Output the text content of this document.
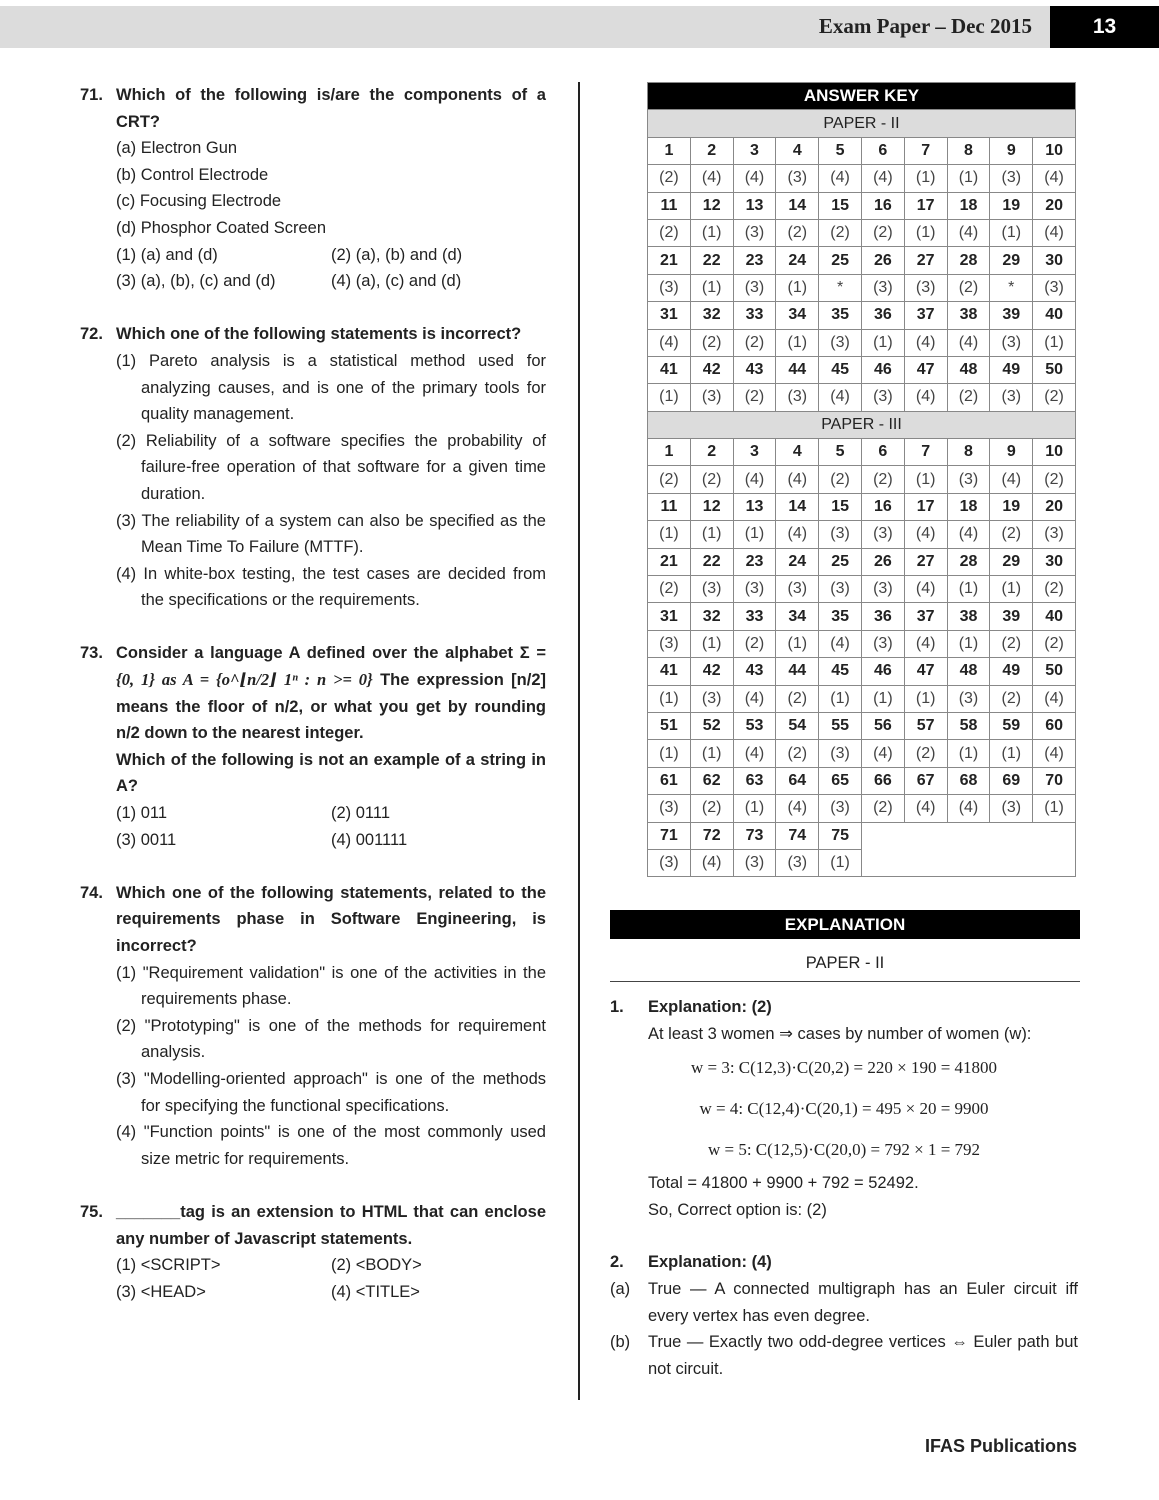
Exam Paper – Dec 2015	13
71. Which of the following is/are the components of a CRT?
(a) Electron Gun
(b) Control Electrode
(c) Focusing Electrode
(d) Phosphor Coated Screen
(1) (a) and (d)	(2) (a), (b) and (d)
(3) (a), (b), (c) and (d)	(4) (a), (c) and (d)
72. Which one of the following statements is incorrect?
(1) Pareto analysis is a statistical method used for analyzing causes, and is one of the primary tools for quality management.
(2) Reliability of a software specifies the probability of failure-free operation of that software for a given time duration.
(3) The reliability of a system can also be specified as the Mean Time To Failure (MTTF).
(4) In white-box testing, the test cases are decided from the specifications or the requirements.
73. Consider a language A defined over the alphabet Σ = {0, 1} as A = {o^⌊n/2⌋ 1ⁿ : n >= 0} The expression [n/2] means the floor of n/2, or what you get by rounding n/2 down to the nearest integer.
Which of the following is not an example of a string in A?
(1) 011	(2) 0111
(3) 0011	(4) 001111
74. Which one of the following statements, related to the requirements phase in Software Engineering, is incorrect?
(1) "Requirement validation" is one of the activities in the requirements phase.
(2) "Prototyping" is one of the methods for requirement analysis.
(3) "Modelling-oriented approach" is one of the methods for specifying the functional specifications.
(4) "Function points" is one of the most commonly used size metric for requirements.
75. _______tag is an extension to HTML that can enclose any number of Javascript statements.
(1) <SCRIPT>	(2) <BODY>
(3) <HEAD>	(4) <TITLE>
ANSWER KEY									
PAPER - II									
1	2	3	4	5	6	7	8	9	10
(2)	(4)	(4)	(3)	(4)	(4)	(1)	(1)	(3)	(4)
11	12	13	14	15	16	17	18	19	20
(2)	(1)	(3)	(2)	(2)	(2)	(1)	(4)	(1)	(4)
21	22	23	24	25	26	27	28	29	30
(3)	(1)	(3)	(1)	*	(3)	(3)	(2)	*	(3)
31	32	33	34	35	36	37	38	39	40
(4)	(2)	(2)	(1)	(3)	(1)	(4)	(4)	(3)	(1)
41	42	43	44	45	46	47	48	49	50
(1)	(3)	(2)	(3)	(4)	(3)	(4)	(2)	(3)	(2)
PAPER - III									
1	2	3	4	5	6	7	8	9	10
(2)	(2)	(4)	(4)	(2)	(2)	(1)	(3)	(4)	(2)
11	12	13	14	15	16	17	18	19	20
(1)	(1)	(1)	(4)	(3)	(3)	(4)	(4)	(2)	(3)
21	22	23	24	25	26	27	28	29	30
(2)	(3)	(3)	(3)	(3)	(3)	(4)	(1)	(1)	(2)
31	32	33	34	35	36	37	38	39	40
(3)	(1)	(2)	(1)	(4)	(3)	(4)	(1)	(2)	(2)
41	42	43	44	45	46	47	48	49	50
(1)	(3)	(4)	(2)	(1)	(1)	(1)	(3)	(2)	(4)
51	52	53	54	55	56	57	58	59	60
(1)	(1)	(4)	(2)	(3)	(4)	(2)	(1)	(1)	(4)
61	62	63	64	65	66	67	68	69	70
(3)	(2)	(1)	(4)	(3)	(2)	(4)	(4)	(3)	(1)
71	72	73	74	75					
(3)	(4)	(3)	(3)	(1)					
EXPLANATION
PAPER - II
1.	Explanation: (2)
At least 3 women ⇒ cases by number of women (w):
w = 3: C(12,3)·C(20,2) = 220 × 190 = 41800
w = 4: C(12,4)·C(20,1) = 495 × 20 = 9900
w = 5: C(12,5)·C(20,0) = 792 × 1 = 792
Total = 41800 + 9900 + 792 = 52492.
So, Correct option is: (2)
2.	Explanation: (4)
(a)	True — A connected multigraph has an Euler circuit iff every vertex has even degree.
(b)	True — Exactly two odd-degree vertices ⇔ Euler path but not circuit.
IFAS Publications
